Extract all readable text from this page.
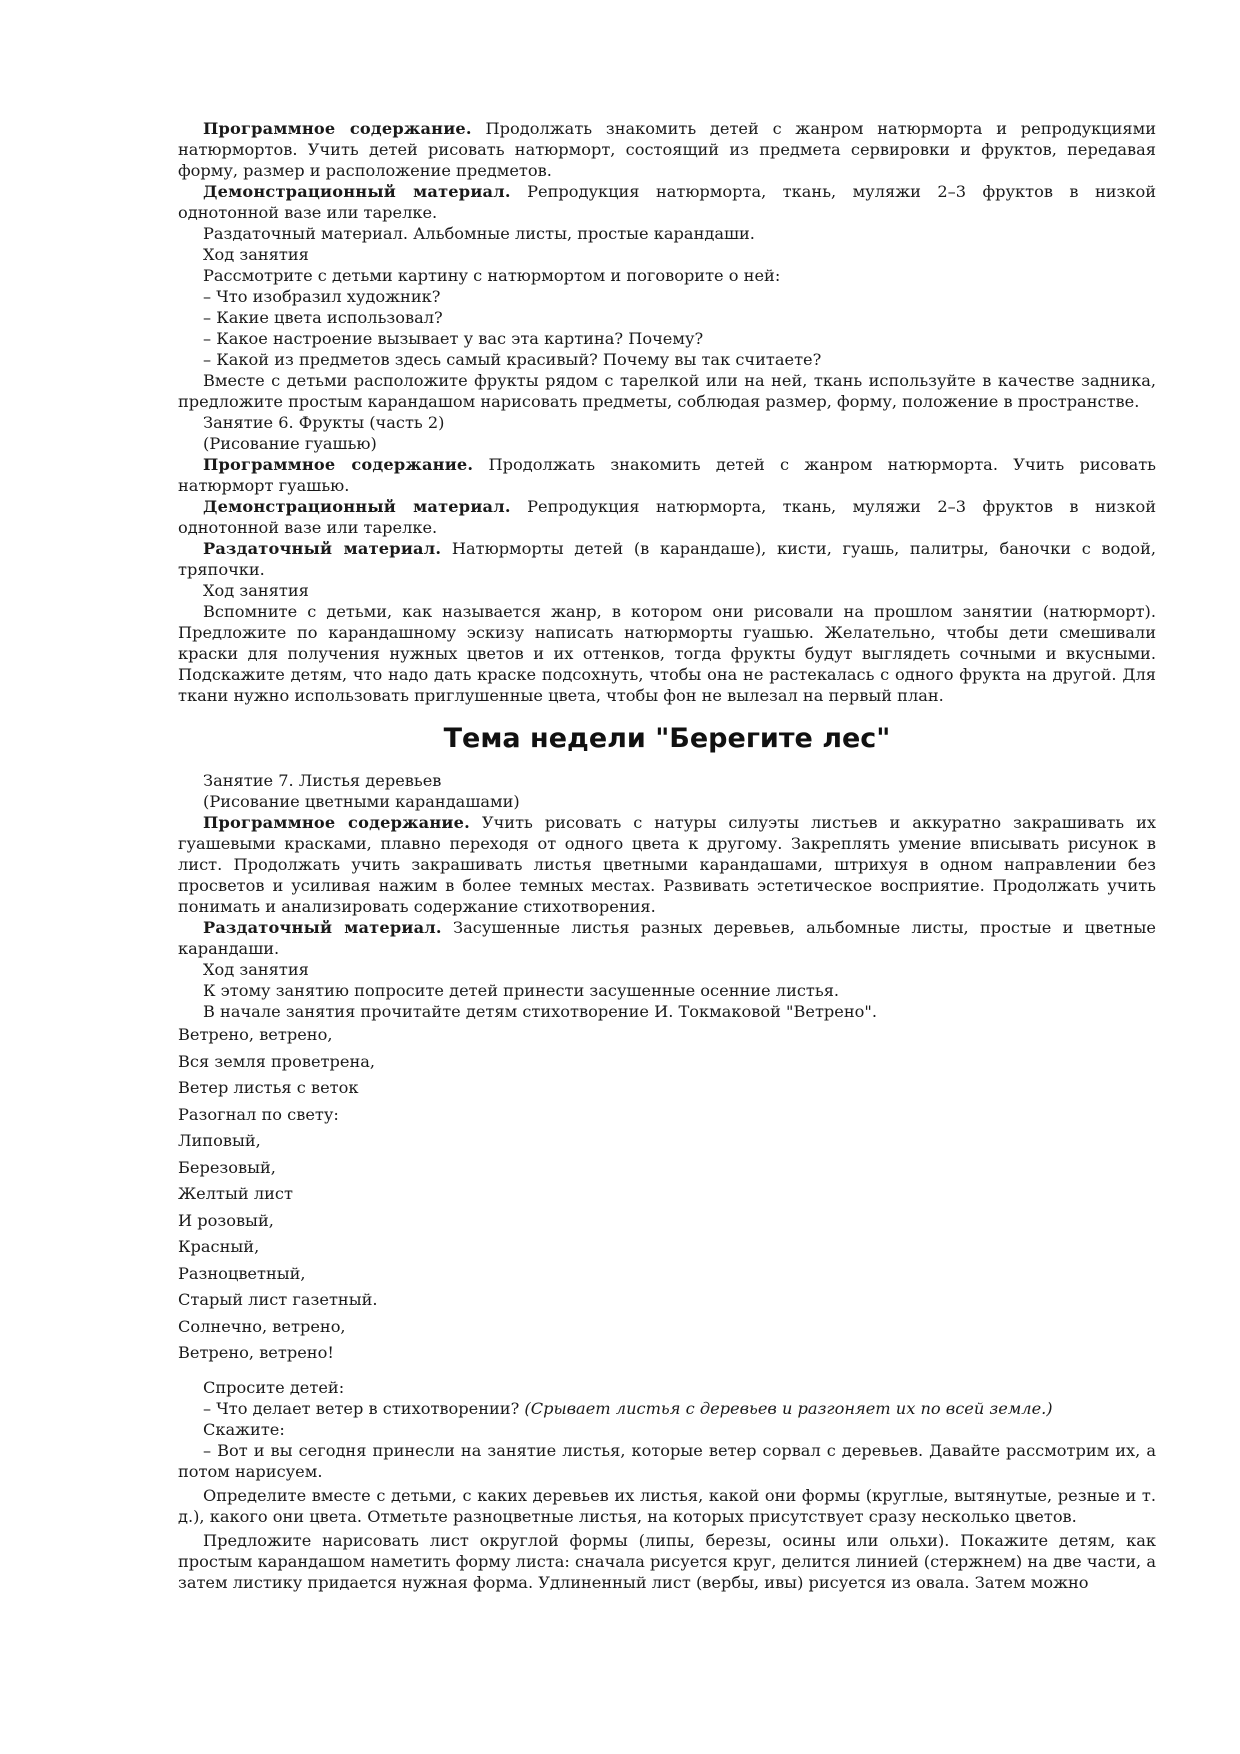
Программное содержание. Продолжать знакомить детей с жанром натюрморта и репродукциями натюрмортов. Учить детей рисовать натюрморт, состоящий из предмета сервировки и фруктов, передавая форму, размер и расположение предметов.

Демонстрационный материал. Репродукция натюрморта, ткань, муляжи 2–3 фруктов в низкой однотонной вазе или тарелке.

Раздаточный материал. Альбомные листы, простые карандаши.

Ход занятия

Рассмотрите с детьми картину с натюрмортом и поговорите о ней:

– Что изобразил художник?

– Какие цвета использовал?

– Какое настроение вызывает у вас эта картина? Почему?

– Какой из предметов здесь самый красивый? Почему вы так считаете?

Вместе с детьми расположите фрукты рядом с тарелкой или на ней, ткань используйте в качестве задника, предложите простым карандашом нарисовать предметы, соблюдая размер, форму, положение в пространстве.

Занятие 6. Фрукты (часть 2)

(Рисование гуашью)

Программное содержание. Продолжать знакомить детей с жанром натюрморта. Учить рисовать натюрморт гуашью.

Демонстрационный материал. Репродукция натюрморта, ткань, муляжи 2–3 фруктов в низкой однотонной вазе или тарелке.

Раздаточный материал. Натюрморты детей (в карандаше), кисти, гуашь, палитры, баночки с водой, тряпочки.

Ход занятия

Вспомните с детьми, как называется жанр, в котором они рисовали на прошлом занятии (натюрморт). Предложите по карандашному эскизу написать натюрморты гуашью. Желательно, чтобы дети смешивали краски для получения нужных цветов и их оттенков, тогда фрукты будут выглядеть сочными и вкусными. Подскажите детям, что надо дать краске подсохнуть, чтобы она не растекалась с одного фрукта на другой. Для ткани нужно использовать приглушенные цвета, чтобы фон не вылезал на первый план.

Тема недели "Берегите лес"

Занятие 7. Листья деревьев

(Рисование цветными карандашами)

Программное содержание. Учить рисовать с натуры силуэты листьев и аккуратно закрашивать их гуашевыми красками, плавно переходя от одного цвета к другому. Закреплять умение вписывать рисунок в лист. Продолжать учить закрашивать листья цветными карандашами, штрихуя в одном направлении без просветов и усиливая нажим в более темных местах. Развивать эстетическое восприятие. Продолжать учить понимать и анализировать содержание стихотворения.

Раздаточный материал. Засушенные листья разных деревьев, альбомные листы, простые и цветные карандаши.

Ход занятия

К этому занятию попросите детей принести засушенные осенние листья.

В начале занятия прочитайте детям стихотворение И. Токмаковой "Ветрено".

Ветрено, ветрено,
Вся земля проветрена,
Ветер листья с веток
Разогнал по свету:
Липовый,
Березовый,
Желтый лист
И розовый,
Красный,
Разноцветный,
Старый лист газетный.
Солнечно, ветрено,
Ветрено, ветрено!

Спросите детей:

– Что делает ветер в стихотворении? (Срывает листья с деревьев и разгоняет их по всей земле.)

Скажите:

– Вот и вы сегодня принесли на занятие листья, которые ветер сорвал с деревьев. Давайте рассмотрим их, а потом нарисуем.

Определите вместе с детьми, с каких деревьев их листья, какой они формы (круглые, вытянутые, резные и т. д.), какого они цвета. Отметьте разноцветные листья, на которых присутствует сразу несколько цветов.

Предложите нарисовать лист округлой формы (липы, березы, осины или ольхи). Покажите детям, как простым карандашом наметить форму листа: сначала рисуется круг, делится линией (стержнем) на две части, а затем листику придается нужная форма. Удлиненный лист (вербы, ивы) рисуется из овала. Затем можно
